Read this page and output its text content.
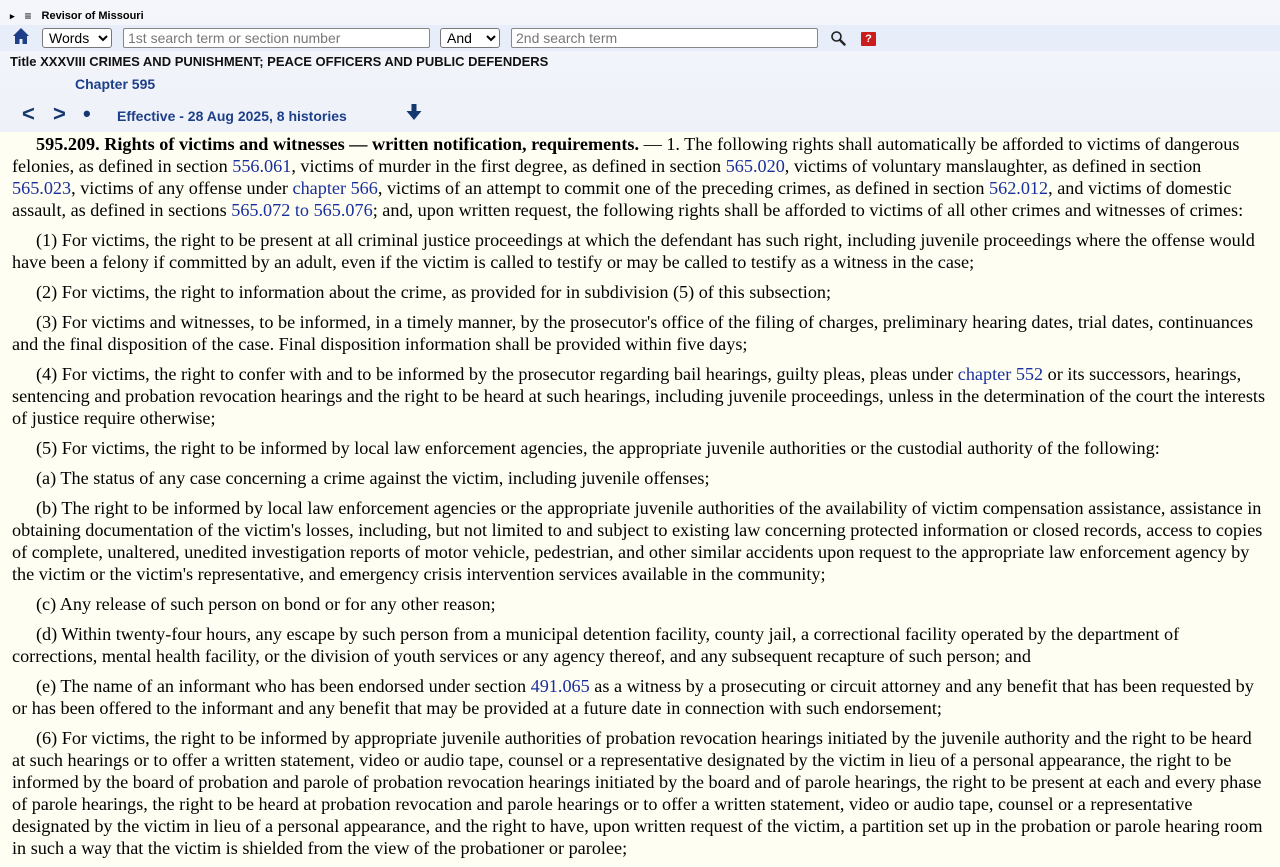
▸ ≡ Revisor of Missouri
Words
1st search term or section number
And
2nd search term
?
Title XXXVIII CRIMES AND PUNISHMENT; PEACE OFFICERS AND PUBLIC DEFENDERS
Chapter 595
< > • Effective - 28 Aug 2025, 8 histories

595.209. Rights of victims and witnesses — written notification, requirements. — 1. The following rights shall automatically be afforded to victims of dangerous felonies, as defined in section 556.061, victims of murder in the first degree, as defined in section 565.020, victims of voluntary manslaughter, as defined in section 565.023, victims of any offense under chapter 566, victims of an attempt to commit one of the preceding crimes, as defined in section 562.012, and victims of domestic assault, as defined in sections 565.072 to 565.076; and, upon written request, the following rights shall be afforded to victims of all other crimes and witnesses of crimes:

(1) For victims, the right to be present at all criminal justice proceedings at which the defendant has such right, including juvenile proceedings where the offense would have been a felony if committed by an adult, even if the victim is called to testify or may be called to testify as a witness in the case;

(2) For victims, the right to information about the crime, as provided for in subdivision (5) of this subsection;

(3) For victims and witnesses, to be informed, in a timely manner, by the prosecutor's office of the filing of charges, preliminary hearing dates, trial dates, continuances and the final disposition of the case. Final disposition information shall be provided within five days;

(4) For victims, the right to confer with and to be informed by the prosecutor regarding bail hearings, guilty pleas, pleas under chapter 552 or its successors, hearings, sentencing and probation revocation hearings and the right to be heard at such hearings, including juvenile proceedings, unless in the determination of the court the interests of justice require otherwise;

(5) For victims, the right to be informed by local law enforcement agencies, the appropriate juvenile authorities or the custodial authority of the following:

(a) The status of any case concerning a crime against the victim, including juvenile offenses;

(b) The right to be informed by local law enforcement agencies or the appropriate juvenile authorities of the availability of victim compensation assistance, assistance in obtaining documentation of the victim's losses, including, but not limited to and subject to existing law concerning protected information or closed records, access to copies of complete, unaltered, unedited investigation reports of motor vehicle, pedestrian, and other similar accidents upon request to the appropriate law enforcement agency by the victim or the victim's representative, and emergency crisis intervention services available in the community;

(c) Any release of such person on bond or for any other reason;

(d) Within twenty-four hours, any escape by such person from a municipal detention facility, county jail, a correctional facility operated by the department of corrections, mental health facility, or the division of youth services or any agency thereof, and any subsequent recapture of such person; and

(e) The name of an informant who has been endorsed under section 491.065 as a witness by a prosecuting or circuit attorney and any benefit that has been requested by or has been offered to the informant and any benefit that may be provided at a future date in connection with such endorsement;

(6) For victims, the right to be informed by appropriate juvenile authorities of probation revocation hearings initiated by the juvenile authority and the right to be heard at such hearings or to offer a written statement, video or audio tape, counsel or a representative designated by the victim in lieu of a personal appearance, the right to be informed by the board of probation and parole of probation revocation hearings initiated by the board and of parole hearings, the right to be present at each and every phase of parole hearings, the right to be heard at probation revocation and parole hearings or to offer a written statement, video or audio tape, counsel or a representative designated by the victim in lieu of a personal appearance, and the right to have, upon written request of the victim, a partition set up in the probation or parole hearing room in such a way that the victim is shielded from the view of the probationer or parolee;
